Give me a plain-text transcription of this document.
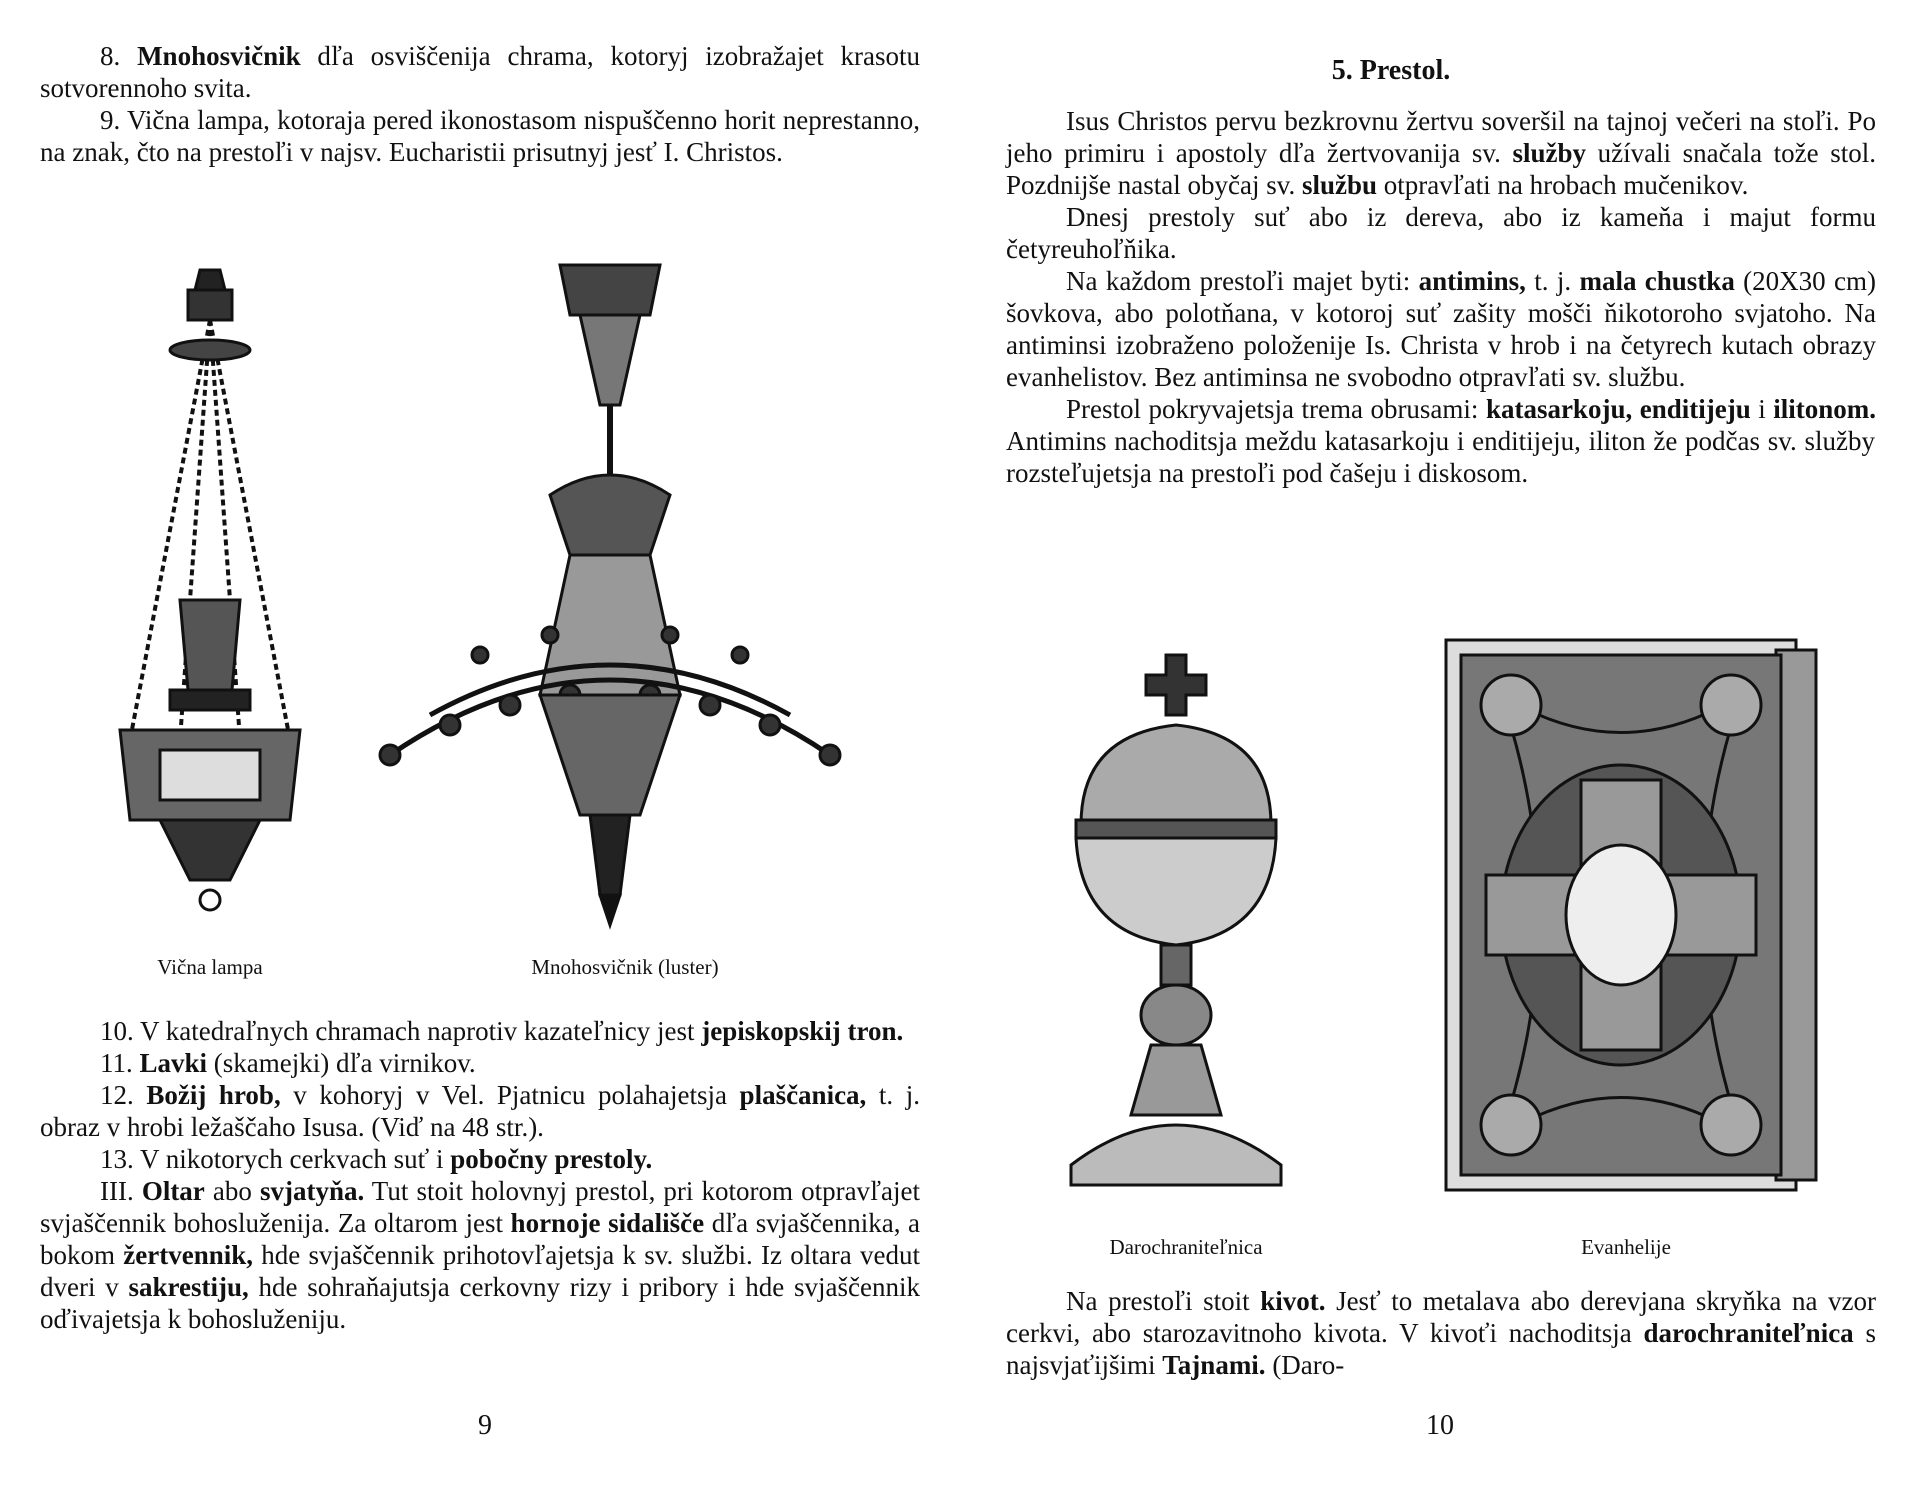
8. Mnohosvičnik dľa osviščenija chrama, kotoryj izobražajet krasotu sotvorennoho svita.

9. Vična lampa, kotoraja pered ikonostasom nispuščenno horit neprestanno, na znak, čto na prestoľi v najsv. Eucharistii prisutnyj jesť I. Christos.

Vična lampa	Mnohosvičnik (luster)

10. V katedraľnych chramach naprotiv kazateľnicy jest jepiskopskij tron.

11. Lavki (skamejki) dľa virnikov.

12. Božij hrob, v kohoryj v Vel. Pjatnicu polahajetsja plaščanica, t. j. obraz v hrobi ležaščaho Isusa. (Viď na 48 str.).

13. V nikotorych cerkvach suť i pobočny prestoly.

III. Oltar abo svjatyňa. Tut stoit holovnyj prestol, pri kotorom otpravľajet svjaščennik bohosluženija. Za oltarom jest hornoje sidališče dľa svjaščennika, a bokom žertvennik, hde svjaščennik prihotovľajetsja k sv. službi. Iz oltara vedut dveri v sakrestiju, hde sohraňajutsja cerkovny rizy i pribory i hde svjaščennik oďivajetsja k bohosluženiju.

9
5. Prestol.

Isus Christos pervu bezkrovnu žertvu soveršil na tajnoj večeri na stoľi. Po jeho primiru i apostoly dľa žertvovanija sv. služby užívali snačala tože stol. Pozdnijše nastal obyčaj sv. službu otpravľati na hrobach mučenikov.

Dnesj prestoly suť abo iz dereva, abo iz kameňa i majut formu četyreuhoľňika.

Na každom prestoľi majet byti: antimins, t. j. mala chustka (20X30 cm) šovkova, abo polotňana, v kotoroj suť zašity mošči ňikotoroho svjatoho. Na antiminsi izobraženo položenije Is. Christa v hrob i na četyrech kutach obrazy evanhelistov. Bez antiminsa ne svobodno otpravľati sv. službu.

Prestol pokryvajetsja trema obrusami: katasarkoju, enditijeju i ilitonom. Antimins nachoditsja meždu katasarkoju i enditijeju, iliton že podčas sv. služby rozsteľujetsja na prestoľi pod čašeju i diskosom.

Darochraniteľnica	Evanhelije

Na prestoľi stoit kivot. Jesť to metalava abo derevjana skryňka na vzor cerkvi, abo starozavitnoho kivota. V kivoťi nachoditsja darochraniteľnica s najsvjaťijšimi Tajnami. (Daro-

10
